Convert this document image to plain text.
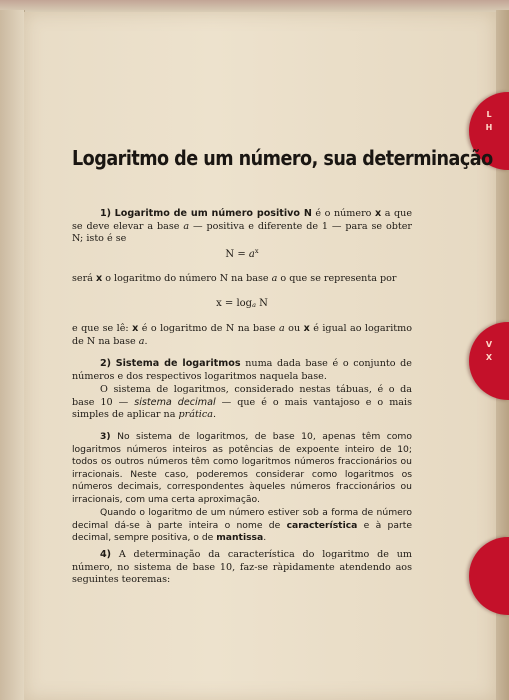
L
H
V
X
Logaritmo de um número, sua determinação
1) Logaritmo de um número positivo N é o número x a que se deve elevar a base a — positiva e diferente de 1 — para se obter N; isto é se
$N = a^x$
será x o logaritmo do número N na base a o que se representa por
$x = \log_a N$
e que se lê: x é o logaritmo de N na base a ou x é igual ao logaritmo de N na base a.
2) Sistema de logaritmos numa dada base é o conjunto de números e dos respectivos logaritmos naquela base.
O sistema de logaritmos, considerado nestas tábuas, é o da base 10 — sistema decimal — que é o mais vantajoso e o mais simples de aplicar na prática.
3) No sistema de logaritmos, de base 10, apenas têm como logaritmos números inteiros as potências de expoente inteiro de 10; todos os outros números têm como logaritmos números fraccionários ou irracionais. Neste caso, poderemos considerar como logaritmos os números decimais, correspondentes àqueles números fraccionários ou irracionais, com uma certa aproximação.
Quando o logaritmo de um número estiver sob a forma de número decimal dá-se à parte inteira o nome de característica e à parte decimal, sempre positiva, o de mantissa.
4) A determinação da característica do logaritmo de um número, no sistema de base 10, faz-se ràpidamente atendendo aos seguintes teoremas:
